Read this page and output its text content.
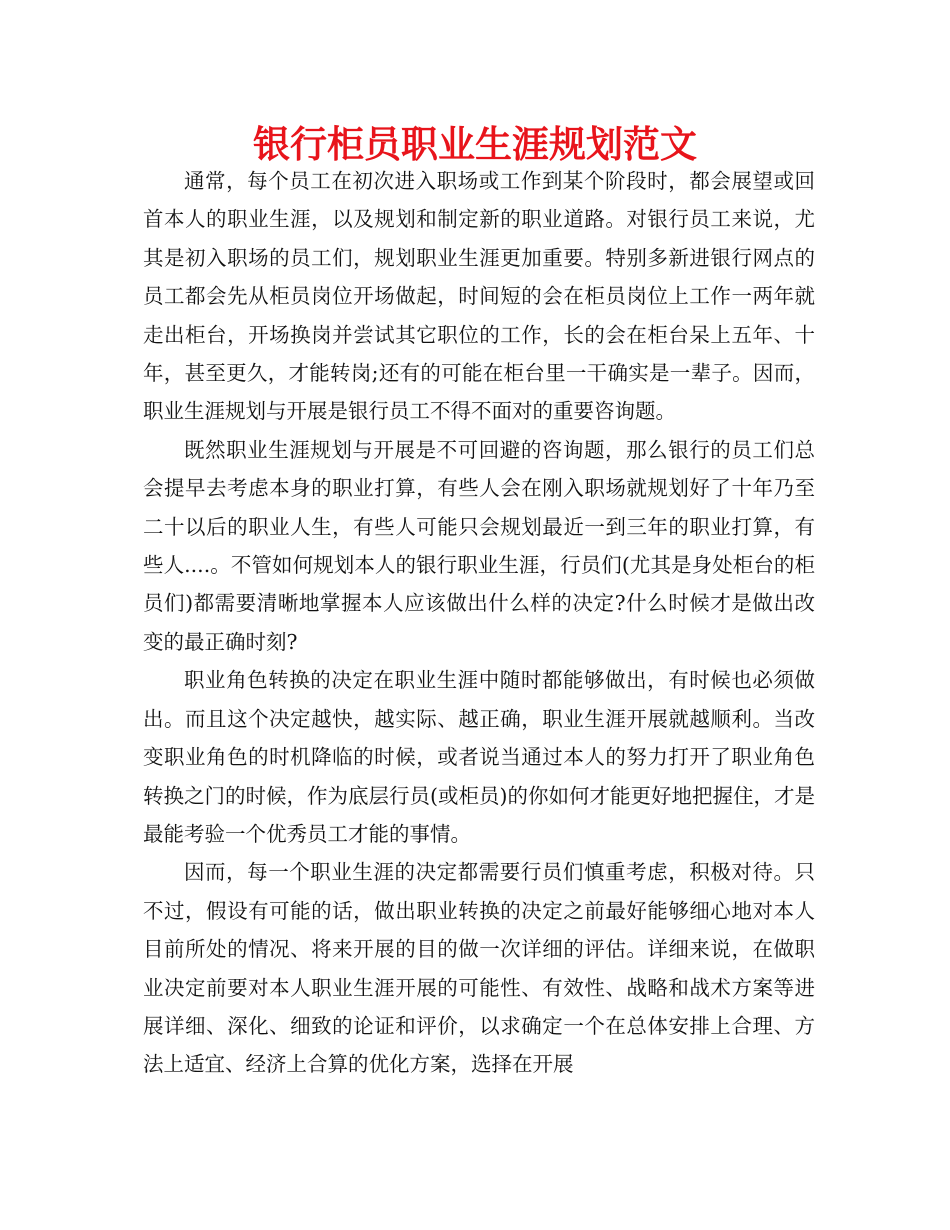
银行柜员职业生涯规划范文

通常，每个员工在初次进入职场或工作到某个阶段时，都会展望或回首本人的职业生涯，以及规划和制定新的职业道路。对银行员工来说，尤其是初入职场的员工们，规划职业生涯更加重要。特别多新进银行网点的员工都会先从柜员岗位开场做起，时间短的会在柜员岗位上工作一两年就走出柜台，开场换岗并尝试其它职位的工作，长的会在柜台呆上五年、十年，甚至更久，才能转岗;还有的可能在柜台里一干确实是一辈子。因而，职业生涯规划与开展是银行员工不得不面对的重要咨询题。

既然职业生涯规划与开展是不可回避的咨询题，那么银行的员工们总会提早去考虑本身的职业打算，有些人会在刚入职场就规划好了十年乃至二十以后的职业人生，有些人可能只会规划最近一到三年的职业打算，有些人....。不管如何规划本人的银行职业生涯，行员们(尤其是身处柜台的柜员们)都需要清晰地掌握本人应该做出什么样的决定?什么时候才是做出改变的最正确时刻?

职业角色转换的决定在职业生涯中随时都能够做出，有时候也必须做出。而且这个决定越快，越实际、越正确，职业生涯开展就越顺利。当改变职业角色的时机降临的时候，或者说当通过本人的努力打开了职业角色转换之门的时候，作为底层行员(或柜员)的你如何才能更好地把握住，才是最能考验一个优秀员工才能的事情。

因而，每一个职业生涯的决定都需要行员们慎重考虑，积极对待。只不过，假设有可能的话，做出职业转换的决定之前最好能够细心地对本人目前所处的情况、将来开展的目的做一次详细的评估。详细来说，在做职业决定前要对本人职业生涯开展的可能性、有效性、战略和战术方案等进展详细、深化、细致的论证和评价，以求确定一个在总体安排上合理、方法上适宜、经济上合算的优化方案，选择在开展
